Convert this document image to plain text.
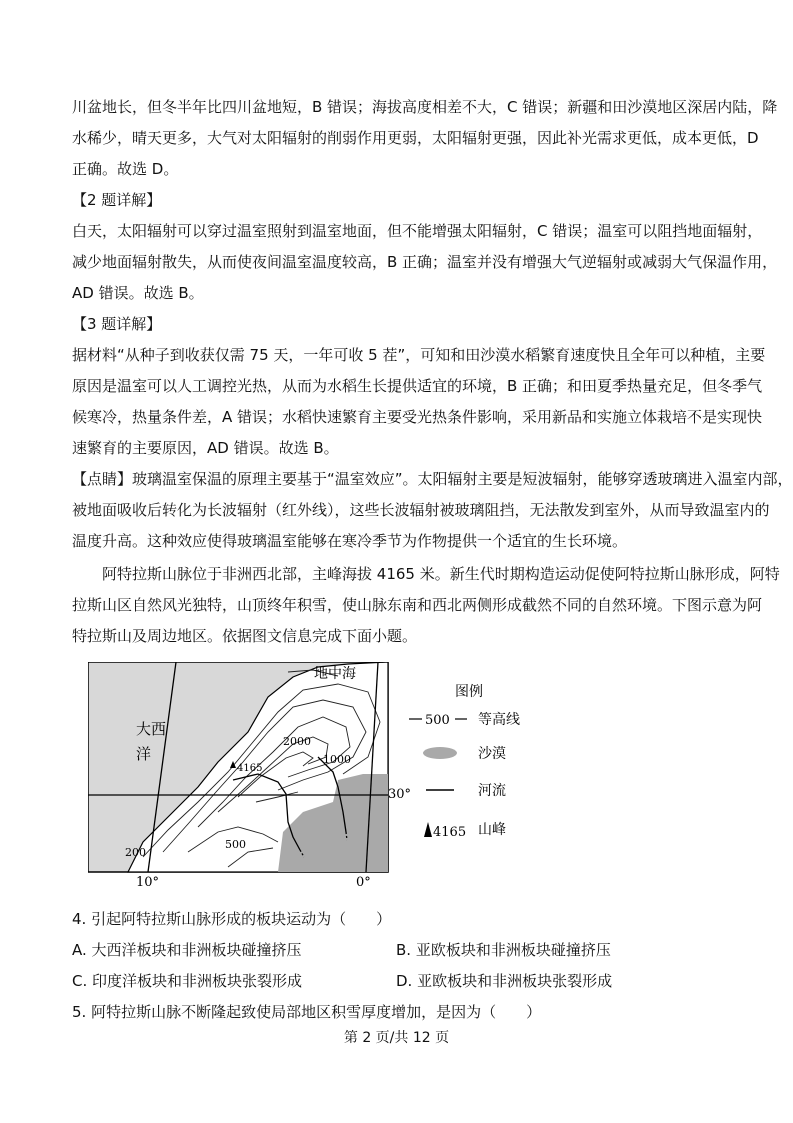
川盆地长，但冬半年比四川盆地短，B 错误；海拔高度相差不大，C 错误；新疆和田沙漠地区深居内陆，降
水稀少，晴天更多，大气对太阳辐射的削弱作用更弱，太阳辐射更强，因此补光需求更低，成本更低，D
正确。故选 D。
【2 题详解】
白天，太阳辐射可以穿过温室照射到温室地面，但不能增强太阳辐射，C 错误；温室可以阻挡地面辐射，
减少地面辐射散失，从而使夜间温室温度较高，B 正确；温室并没有增强大气逆辐射或减弱大气保温作用，
AD 错误。故选 B。
【3 题详解】
据材料“从种子到收获仅需 75 天，一年可收 5 茬”，可知和田沙漠水稻繁育速度快且全年可以种植，主要
原因是温室可以人工调控光热，从而为水稻生长提供适宜的环境，B 正确；和田夏季热量充足，但冬季气
候寒冷，热量条件差，A 错误；水稻快速繁育主要受光热条件影响，采用新品和实施立体栽培不是实现快
速繁育的主要原因，AD 错误。故选 B。
【点睛】玻璃温室保温的原理主要基于“温室效应”。太阳辐射主要是短波辐射，能够穿透玻璃进入温室内部，
被地面吸收后转化为长波辐射（红外线），这些长波辐射被玻璃阻挡，无法散发到室外，从而导致温室内的
温度升高。这种效应使得玻璃温室能够在寒冷季节为作物提供一个适宜的生长环境。
阿特拉斯山脉位于非洲西北部，主峰海拔 4165 米。新生代时期构造运动促使阿特拉斯山脉形成，阿特
拉斯山区自然风光独特，山顶终年积雪，使山脉东南和西北两侧形成截然不同的自然环境。下图示意为阿
特拉斯山及周边地区。依据图文信息完成下面小题。
地中海
大西
洋
2000
1000
500
200
4165
30°
10°	0°
图例
500 等高线
沙漠
河流
4165 山峰
4. 引起阿特拉斯山脉形成的板块运动为（　　）
A. 大西洋板块和非洲板块碰撞挤压	B. 亚欧板块和非洲板块碰撞挤压
C. 印度洋板块和非洲板块张裂形成	D. 亚欧板块和非洲板块张裂形成
5. 阿特拉斯山脉不断隆起致使局部地区积雪厚度增加，是因为（　　）
第 2 页/共 12 页
